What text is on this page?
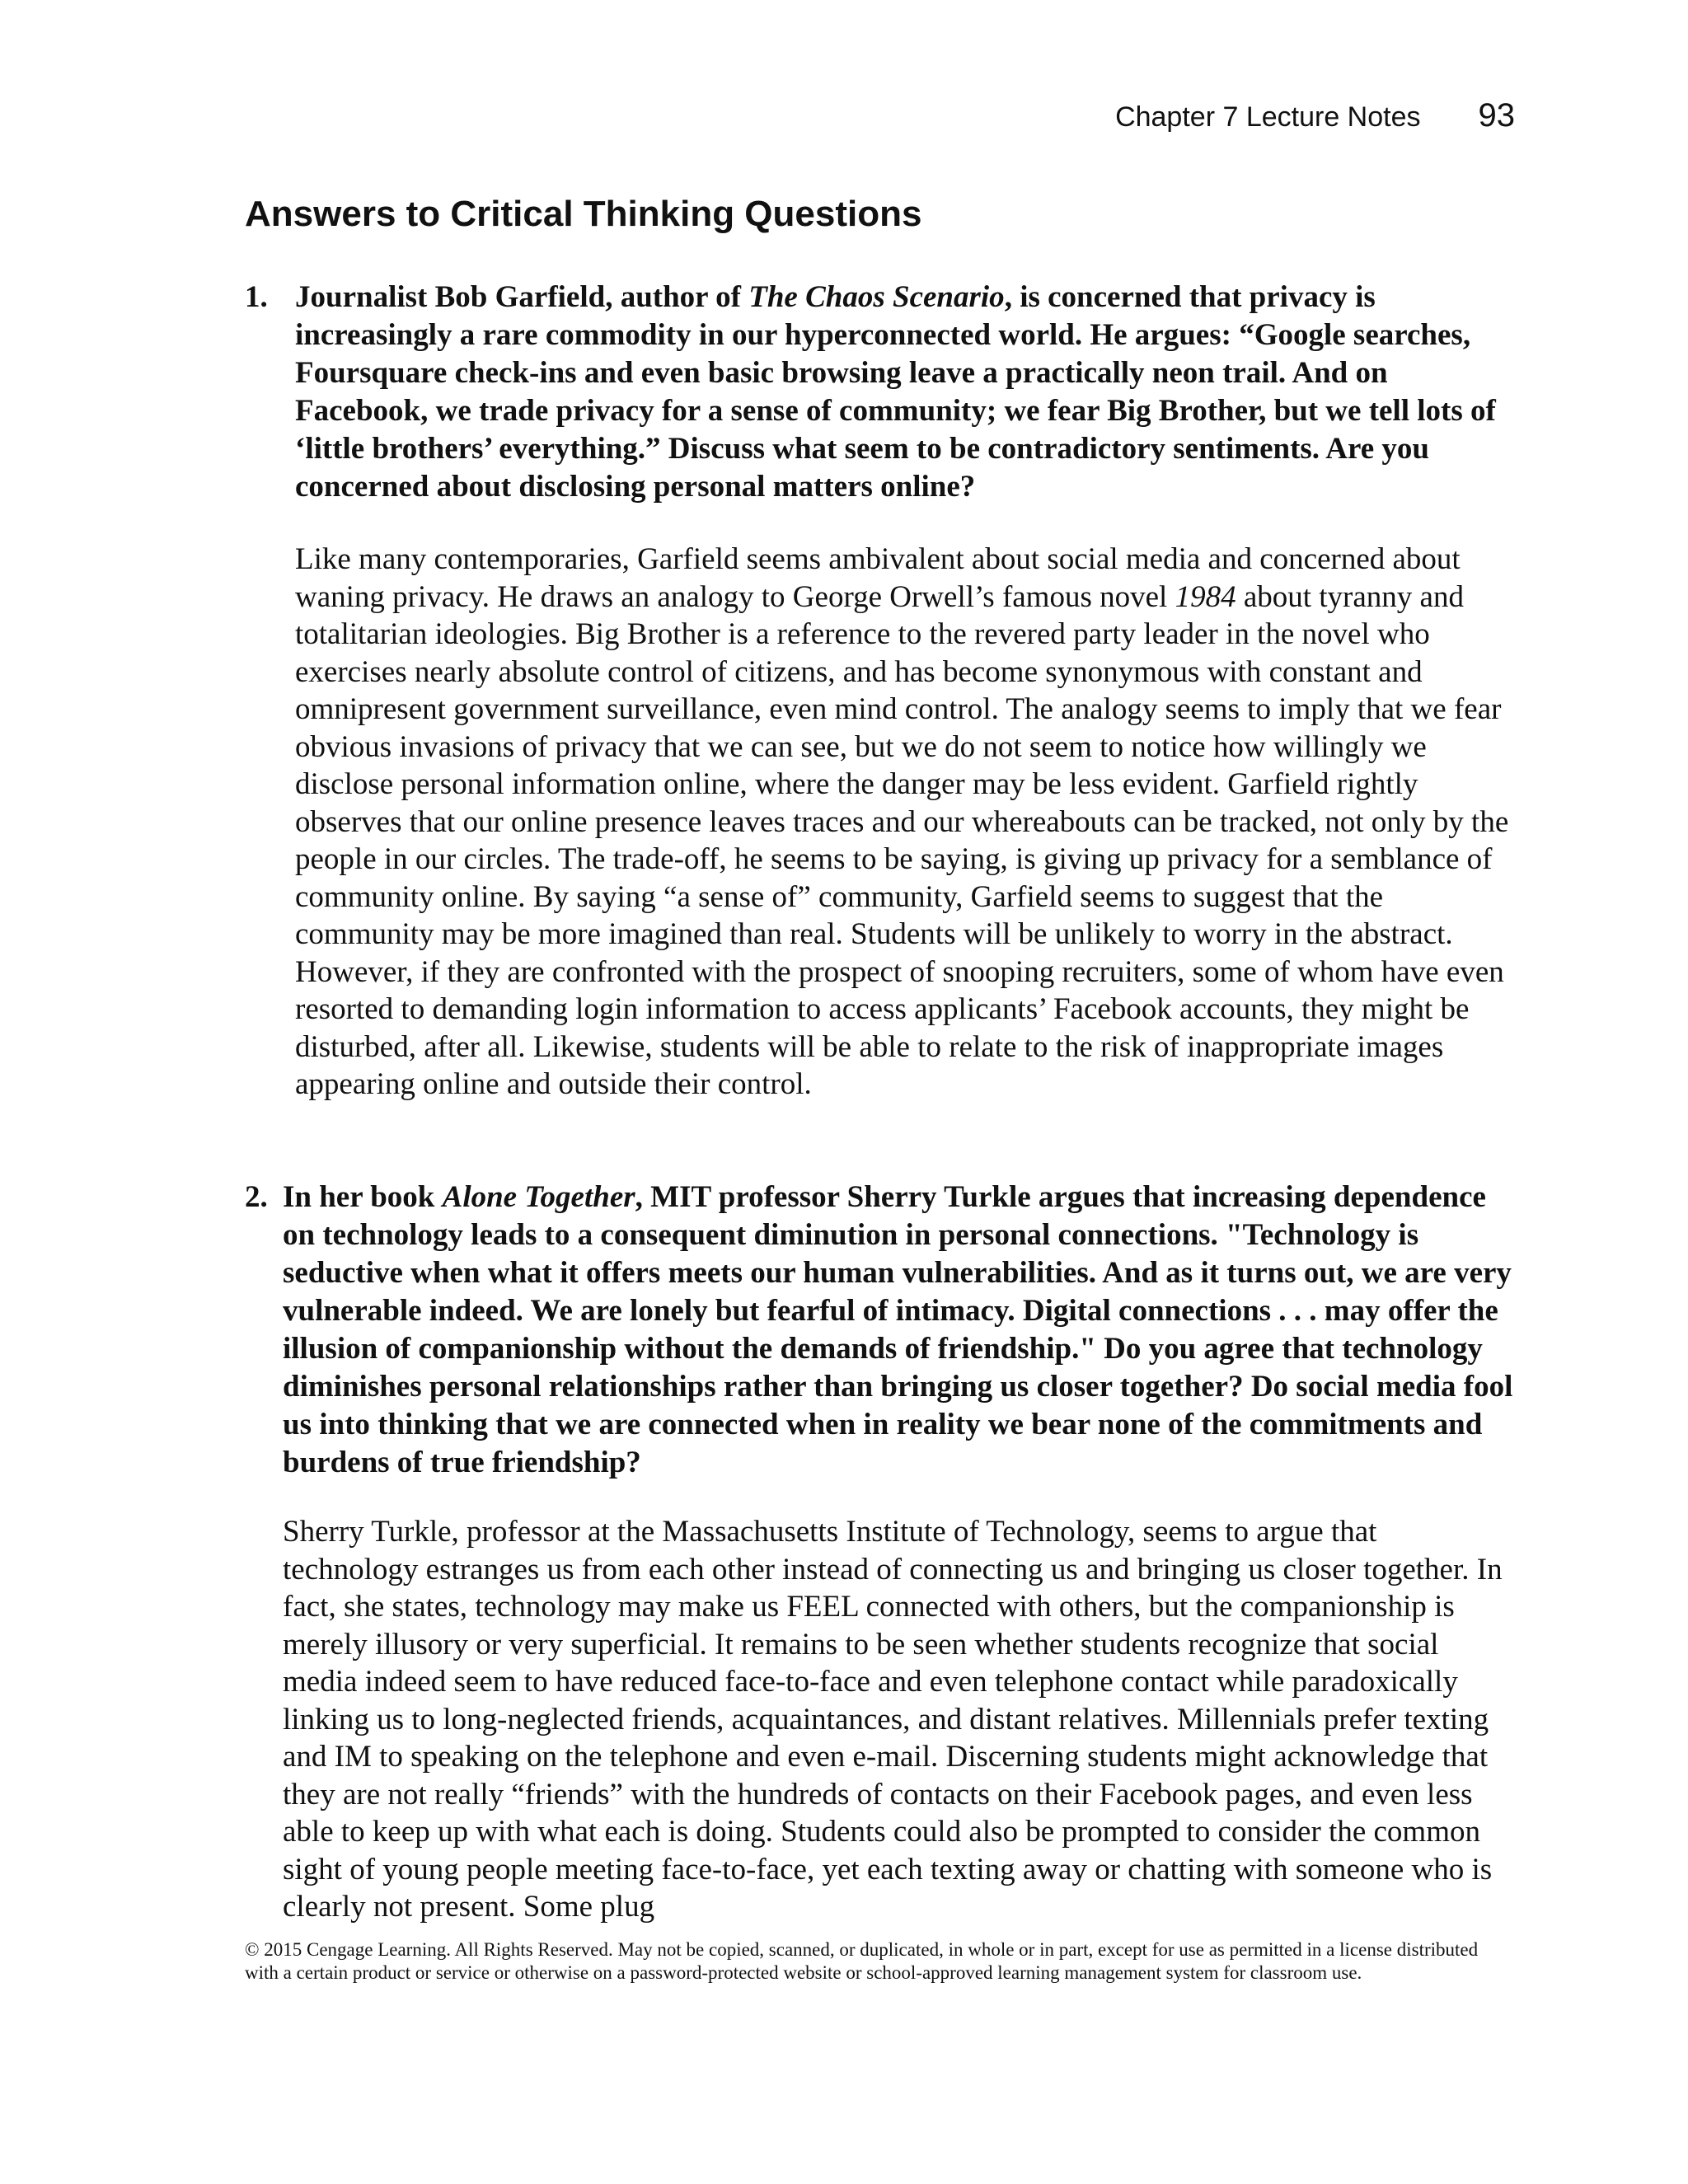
Chapter 7 Lecture Notes 93
Answers to Critical Thinking Questions
1. Journalist Bob Garfield, author of The Chaos Scenario, is concerned that privacy is increasingly a rare commodity in our hyperconnected world. He argues: “Google searches, Foursquare check-ins and even basic browsing leave a practically neon trail. And on Facebook, we trade privacy for a sense of community; we fear Big Brother, but we tell lots of ‘little brothers’ everything.” Discuss what seem to be contradictory sentiments. Are you concerned about disclosing personal matters online?

Like many contemporaries, Garfield seems ambivalent about social media and concerned about waning privacy. He draws an analogy to George Orwell’s famous novel 1984 about tyranny and totalitarian ideologies. Big Brother is a reference to the revered party leader in the novel who exercises nearly absolute control of citizens, and has become synonymous with constant and omnipresent government surveillance, even mind control. The analogy seems to imply that we fear obvious invasions of privacy that we can see, but we do not seem to notice how willingly we disclose personal information online, where the danger may be less evident. Garfield rightly observes that our online presence leaves traces and our whereabouts can be tracked, not only by the people in our circles. The trade-off, he seems to be saying, is giving up privacy for a semblance of community online. By saying “a sense of” community, Garfield seems to suggest that the community may be more imagined than real. Students will be unlikely to worry in the abstract. However, if they are confronted with the prospect of snooping recruiters, some of whom have even resorted to demanding login information to access applicants’ Facebook accounts, they might be disturbed, after all. Likewise, students will be able to relate to the risk of inappropriate images appearing online and outside their control.

2. In her book Alone Together, MIT professor Sherry Turkle argues that increasing dependence on technology leads to a consequent diminution in personal connections. "Technology is seductive when what it offers meets our human vulnerabilities. And as it turns out, we are very vulnerable indeed. We are lonely but fearful of intimacy. Digital connections . . . may offer the illusion of companionship without the demands of friendship." Do you agree that technology diminishes personal relationships rather than bringing us closer together? Do social media fool us into thinking that we are connected when in reality we bear none of the commitments and burdens of true friendship?

Sherry Turkle, professor at the Massachusetts Institute of Technology, seems to argue that technology estranges us from each other instead of connecting us and bringing us closer together. In fact, she states, technology may make us FEEL connected with others, but the companionship is merely illusory or very superficial. It remains to be seen whether students recognize that social media indeed seem to have reduced face-to-face and even telephone contact while paradoxically linking us to long-neglected friends, acquaintances, and distant relatives. Millennials prefer texting and IM to speaking on the telephone and even e-mail. Discerning students might acknowledge that they are not really “friends” with the hundreds of contacts on their Facebook pages, and even less able to keep up with what each is doing. Students could also be prompted to consider the common sight of young people meeting face-to-face, yet each texting away or chatting with someone who is clearly not present. Some plug

© 2015 Cengage Learning. All Rights Reserved. May not be copied, scanned, or duplicated, in whole or in part, except for use as permitted in a license distributed with a certain product or service or otherwise on a password-protected website or school-approved learning management system for classroom use.
